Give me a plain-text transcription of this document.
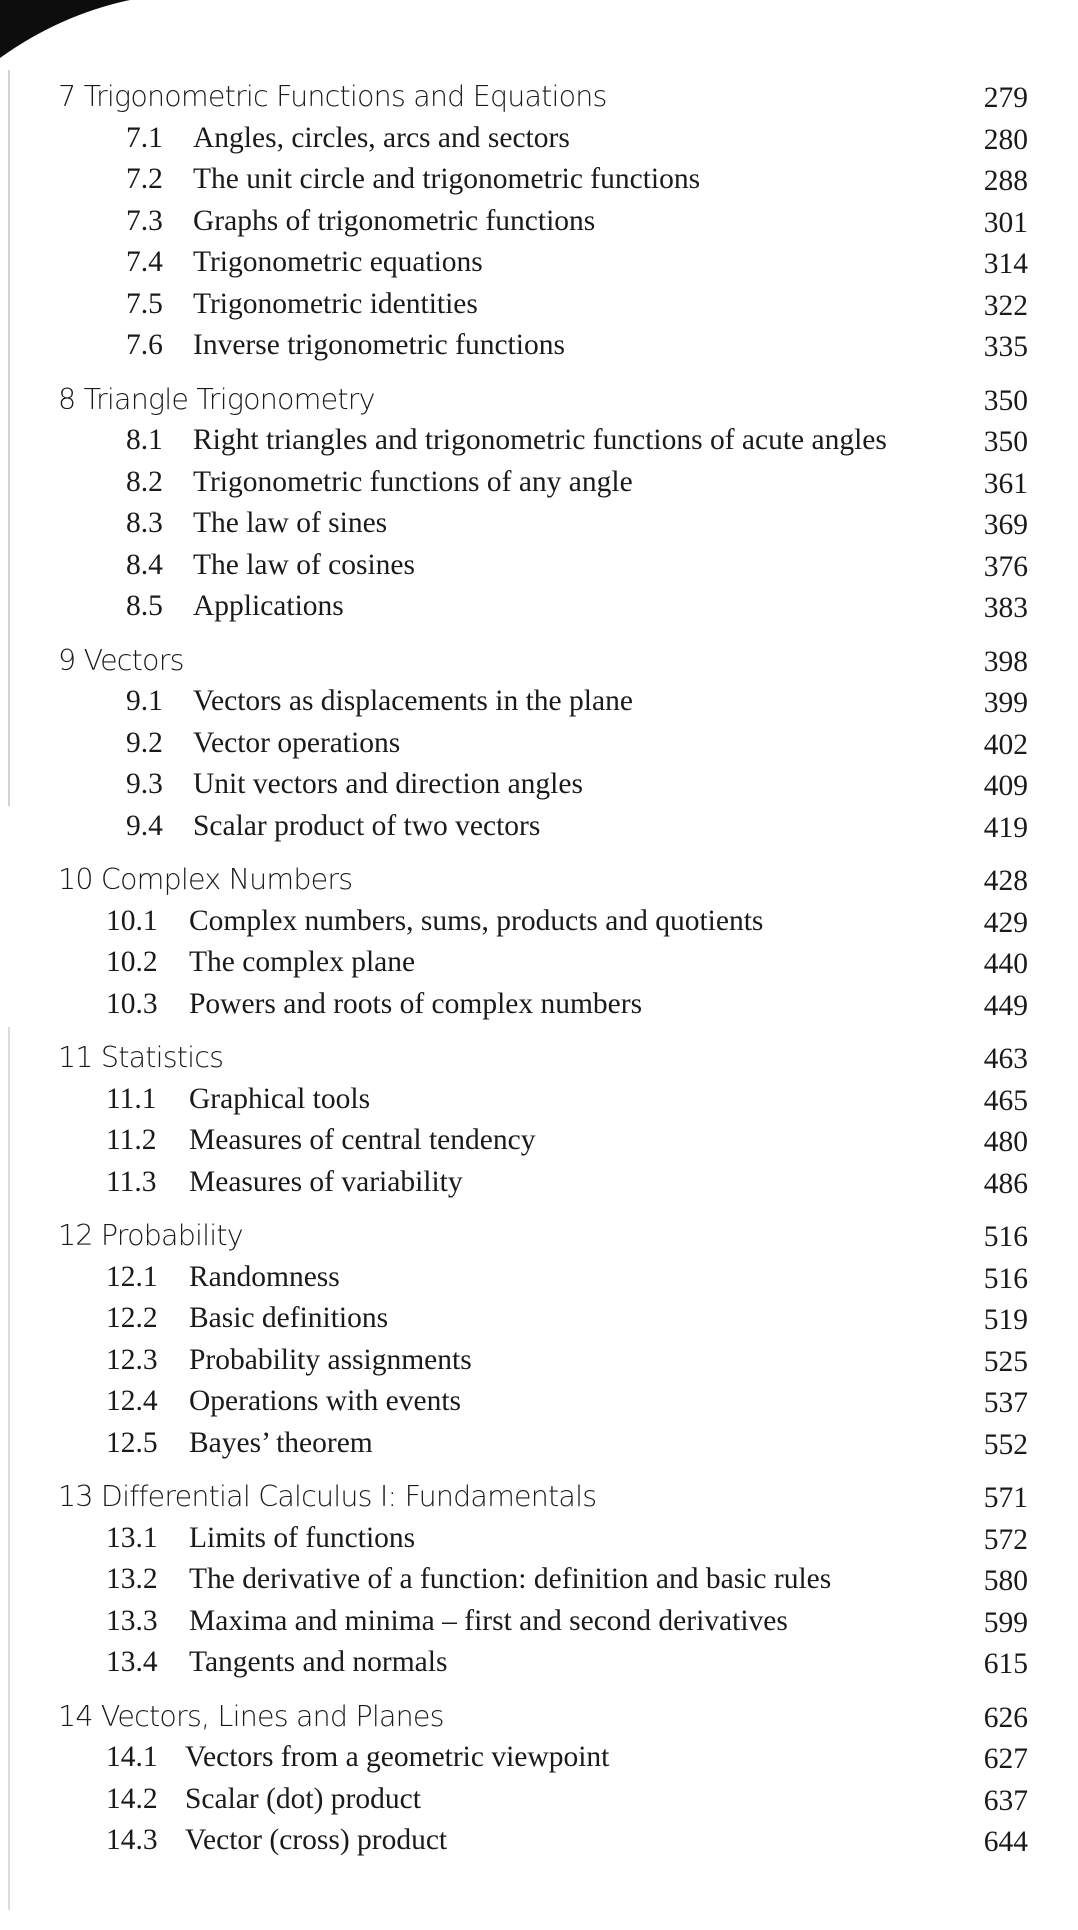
7 Trigonometric Functions and Equations	279
7.1 Angles, circles, arcs and sectors	280
7.2 The unit circle and trigonometric functions	288
7.3 Graphs of trigonometric functions	301
7.4 Trigonometric equations	314
7.5 Trigonometric identities	322
7.6 Inverse trigonometric functions	335
8 Triangle Trigonometry	350
8.1 Right triangles and trigonometric functions of acute angles	350
8.2 Trigonometric functions of any angle	361
8.3 The law of sines	369
8.4 The law of cosines	376
8.5 Applications	383
9 Vectors	398
9.1 Vectors as displacements in the plane	399
9.2 Vector operations	402
9.3 Unit vectors and direction angles	409
9.4 Scalar product of two vectors	419
10 Complex Numbers	428
10.1 Complex numbers, sums, products and quotients	429
10.2 The complex plane	440
10.3 Powers and roots of complex numbers	449
11 Statistics	463
11.1 Graphical tools	465
11.2 Measures of central tendency	480
11.3 Measures of variability	486
12 Probability	516
12.1 Randomness	516
12.2 Basic definitions	519
12.3 Probability assignments	525
12.4 Operations with events	537
12.5 Bayes’ theorem	552
13 Differential Calculus I: Fundamentals	571
13.1 Limits of functions	572
13.2 The derivative of a function: definition and basic rules	580
13.3 Maxima and minima – first and second derivatives	599
13.4 Tangents and normals	615
14 Vectors, Lines and Planes	626
14.1 Vectors from a geometric viewpoint	627
14.2 Scalar (dot) product	637
14.3 Vector (cross) product	644
